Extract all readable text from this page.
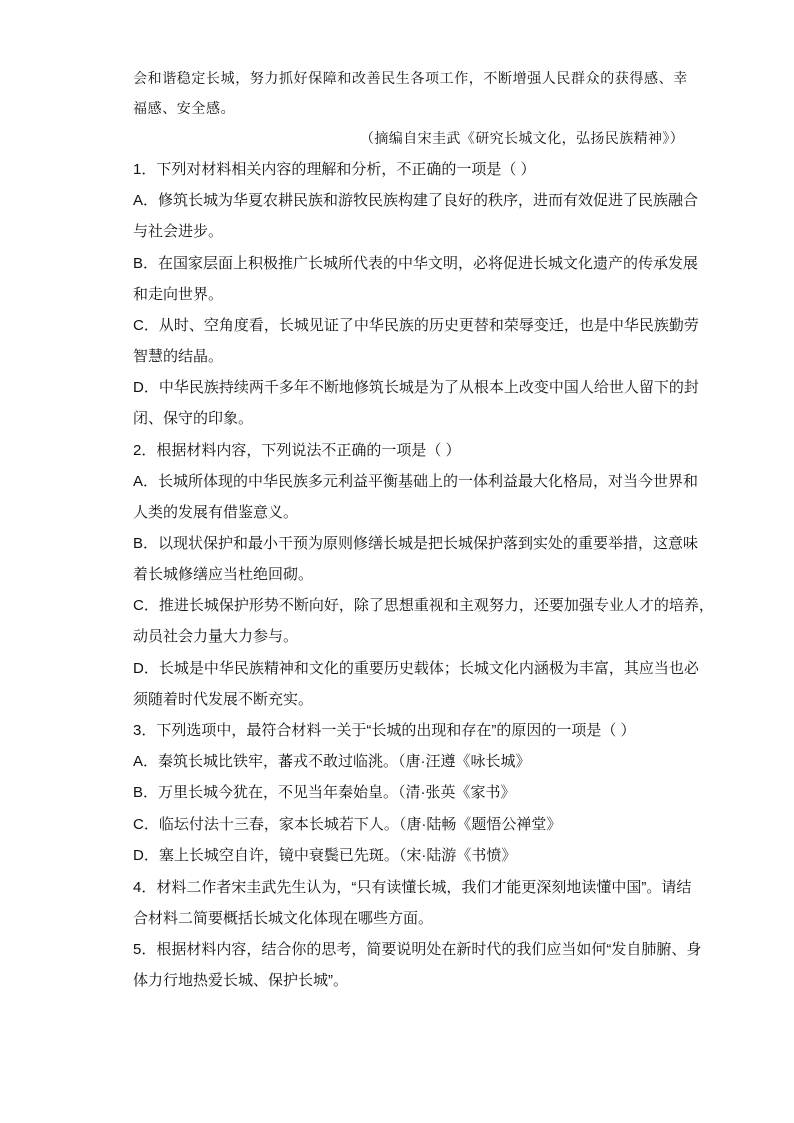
会和谐稳定长城，努力抓好保障和改善民生各项工作，不断增强人民群众的获得感、幸
福感、安全感。
（摘编自宋圭武《研究长城文化，弘扬民族精神》）
1．下列对材料相关内容的理解和分析，不正确的一项是（ ）
A．修筑长城为华夏农耕民族和游牧民族构建了良好的秩序，进而有效促进了民族融合
与社会进步。
B．在国家层面上积极推广长城所代表的中华文明，必将促进长城文化遗产的传承发展
和走向世界。
C．从时、空角度看，长城见证了中华民族的历史更替和荣辱变迁，也是中华民族勤劳
智慧的结晶。
D．中华民族持续两千多年不断地修筑长城是为了从根本上改变中国人给世人留下的封
闭、保守的印象。
2．根据材料内容，下列说法不正确的一项是（ ）
A．长城所体现的中华民族多元利益平衡基础上的一体利益最大化格局，对当今世界和
人类的发展有借鉴意义。
B．以现状保护和最小干预为原则修缮长城是把长城保护落到实处的重要举措，这意味
着长城修缮应当杜绝回砌。
C．推进长城保护形势不断向好，除了思想重视和主观努力，还要加强专业人才的培养，
动员社会力量大力参与。
D．长城是中华民族精神和文化的重要历史载体；长城文化内涵极为丰富，其应当也必
须随着时代发展不断充实。
3．下列选项中，最符合材料一关于“长城的出现和存在”的原因的一项是（ ）
A．秦筑长城比铁牢，蕃戎不敢过临洮。（唐·汪遵《咏长城》
B．万里长城今犹在，不见当年秦始皇。（清·张英《家书》
C．临坛付法十三春，家本长城若下人。（唐·陆畅《题悟公禅堂》
D．塞上长城空自许，镜中衰鬓已先斑。（宋·陆游《书愤》
4．材料二作者宋圭武先生认为，“只有读懂长城，我们才能更深刻地读懂中国”。请结
合材料二简要概括长城文化体现在哪些方面。
5．根据材料内容，结合你的思考，简要说明处在新时代的我们应当如何“发自肺腑、身
体力行地热爱长城、保护长城”。
